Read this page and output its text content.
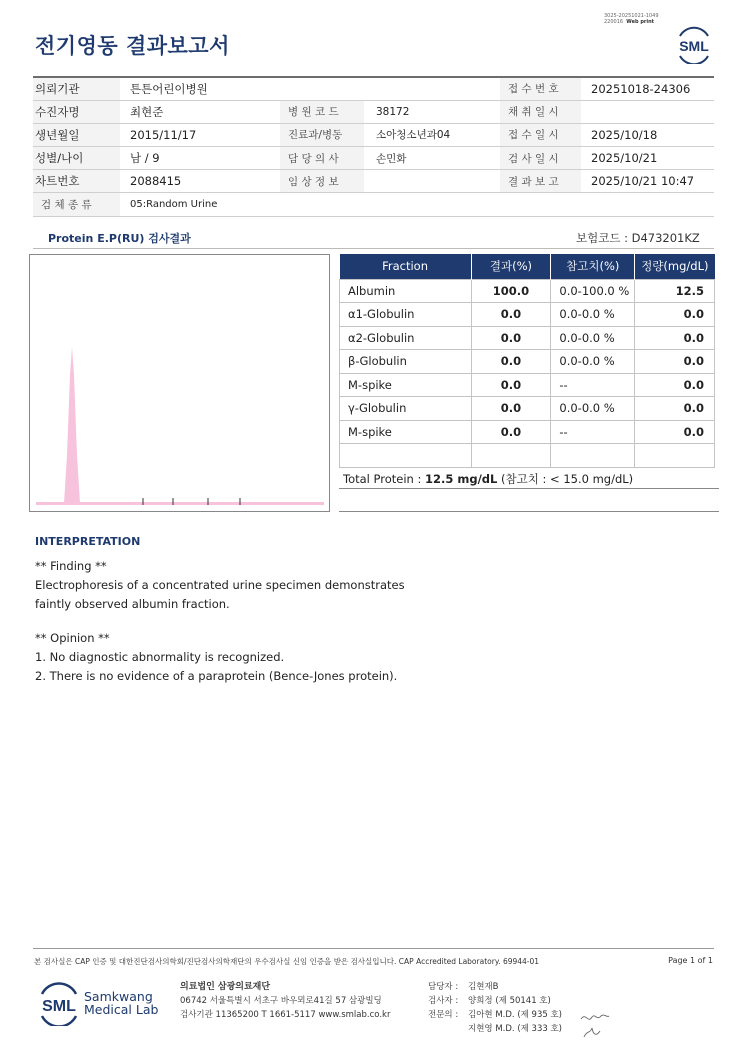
전기영동 결과보고서
3025-20251021-1049
220016 Web print
SML
의뢰기관	튼튼어린이병원			접 수 번 호	20251018-24306
수진자명	최현준	병 원 코 드	38172	채 취 일 시	
생년월일	2015/11/17	진료과/병동	소아청소년과04	접 수 일 시	2025/10/18
성별/나이	남 / 9	담 당 의 사	손민화	검 사 일 시	2025/10/21
차트번호	2088415	임 상 정 보		결 과 보 고	2025/10/21 10:47
검 체 종 류	05:Random Urine				
Protein E.P(RU) 검사결과	보험코드 : D473201KZ
Fraction	결과(%)	참고치(%)	정량(mg/dL)
Albumin	100.0	0.0-100.0 %	12.5
α1-Globulin	0.0	0.0-0.0 %	0.0
α2-Globulin	0.0	0.0-0.0 %	0.0
β-Globulin	0.0	0.0-0.0 %	0.0
M-spike	0.0	--	0.0
γ-Globulin	0.0	0.0-0.0 %	0.0
M-spike	0.0	--	0.0

Total Protein : 12.5 mg/dL (참고치 : < 15.0 mg/dL)
INTERPRETATION
** Finding **
Electrophoresis of a concentrated urine specimen demonstrates
faintly observed albumin fraction.
** Opinion **
1. No diagnostic abnormality is recognized.
2. There is no evidence of a paraprotein (Bence-Jones protein).
본 검사실은 CAP 인증 및 대한진단검사의학회/진단검사의학재단의 우수검사실 신임 인증을 받은 검사실입니다. CAP Accredited Laboratory. 69944-01	Page 1 of 1
SML
Samkwang
Medical Lab
의료법인 삼광의료재단
06742 서울특별시 서초구 바우뫼로41길 57 삼광빌딩
검사기관 11365200 T 1661-5117 www.smlab.co.kr
담당자 :	김현재B
검사자 :	양희정 (제 50141 호)
전문의 :	김아현 M.D. (제 935 호)
지현영 M.D. (제 333 호)
